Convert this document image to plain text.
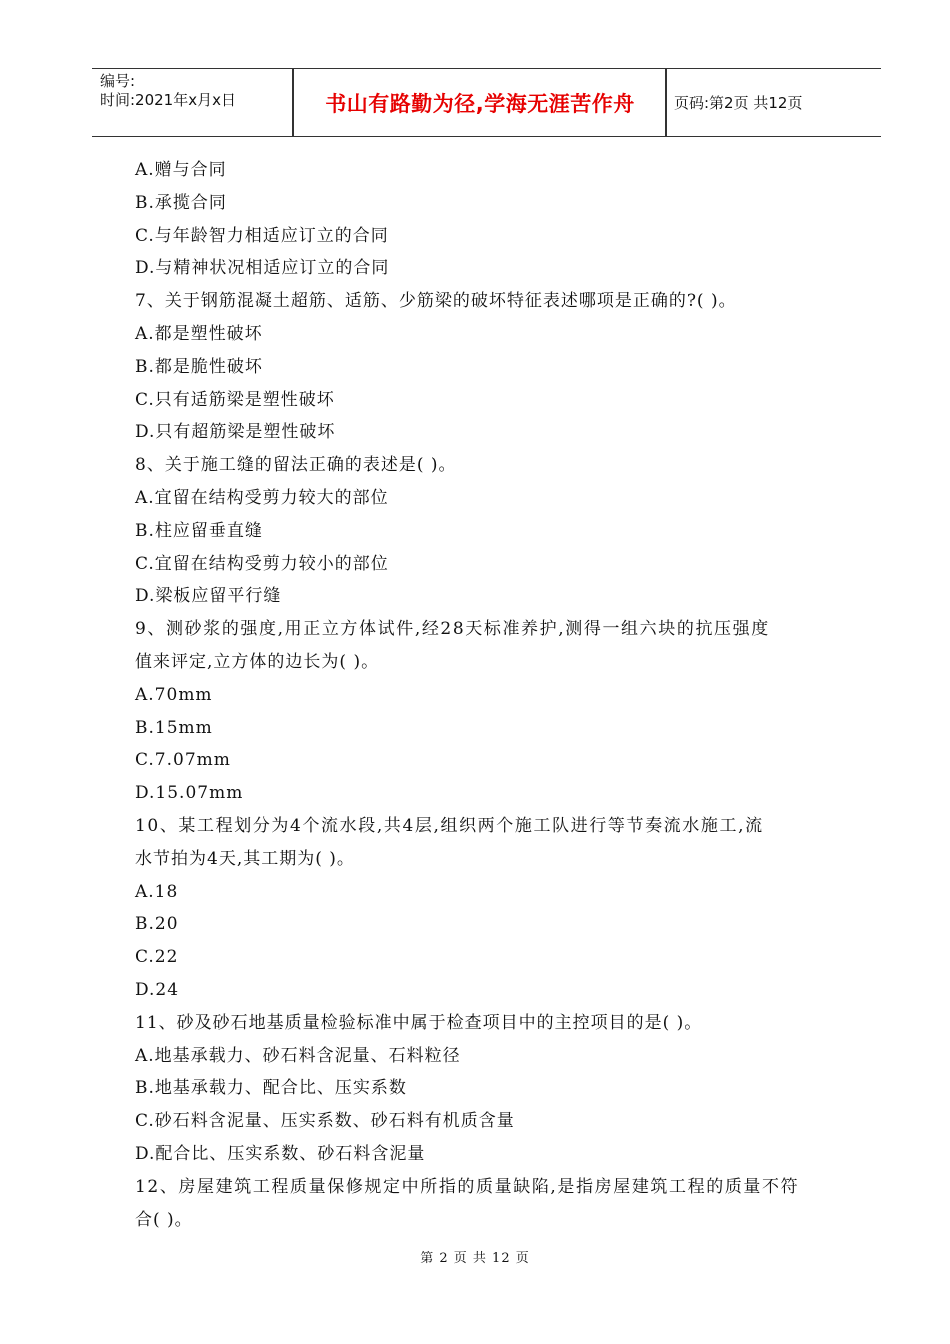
编号:
时间:2021年x月x日	书山有路勤为径,学海无涯苦作舟	页码:第2页 共12页
A.赠与合同
B.承揽合同
C.与年龄智力相适应订立的合同
D.与精神状况相适应订立的合同
7、关于钢筋混凝土超筋、适筋、少筋梁的破坏特征表述哪项是正确的?( )。
A.都是塑性破坏
B.都是脆性破坏
C.只有适筋梁是塑性破坏
D.只有超筋梁是塑性破坏
8、关于施工缝的留法正确的表述是( )。
A.宜留在结构受剪力较大的部位
B.柱应留垂直缝
C.宜留在结构受剪力较小的部位
D.梁板应留平行缝
9、测砂浆的强度,用正立方体试件,经28天标准养护,测得一组六块的抗压强度
值来评定,立方体的边长为( )。
A.70mm
B.15mm
C.7.07mm
D.15.07mm
10、某工程划分为4个流水段,共4层,组织两个施工队进行等节奏流水施工,流
水节拍为4天,其工期为( )。
A.18
B.20
C.22
D.24
11、砂及砂石地基质量检验标准中属于检查项目中的主控项目的是( )。
A.地基承载力、砂石料含泥量、石料粒径
B.地基承载力、配合比、压实系数
C.砂石料含泥量、压实系数、砂石料有机质含量
D.配合比、压实系数、砂石料含泥量
12、房屋建筑工程质量保修规定中所指的质量缺陷,是指房屋建筑工程的质量不符
合( )。
第 2 页 共 12 页
